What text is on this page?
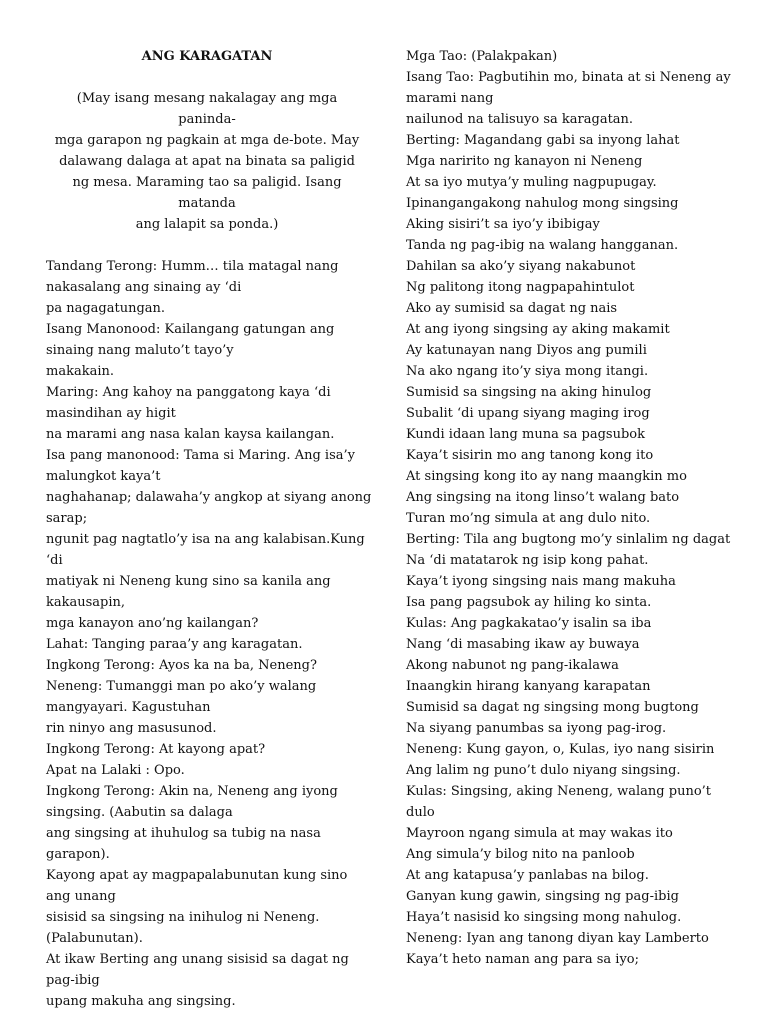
ANG KARAGATAN
(May isang mesang nakalagay ang mga paninda-
mga garapon ng pagkain at mga de-bote. May
dalawang dalaga at apat na binata sa paligid
ng mesa. Maraming tao sa paligid. Isang matanda
ang lalapit sa ponda.)
Tandang Terong: Humm… tila matagal nang
nakasalang ang sinaing ay ‘di
pa nagagatungan.
Isang Manonood: Kailangang gatungan ang
sinaing nang maluto’t tayo’y
makakain.
Maring: Ang kahoy na panggatong kaya ‘di
masindihan ay higit
na marami ang nasa kalan kaysa kailangan.
Isa pang manonood: Tama si Maring. Ang isa’y
malungkot kaya’t
naghahanap; dalawaha’y angkop at siyang anong
sarap;
ngunit pag nagtatlo’y isa na ang kalabisan.Kung
‘di
matiyak ni Neneng kung sino sa kanila ang
kakausapin,
mga kanayon ano’ng kailangan?
Lahat: Tanging paraa’y ang karagatan.
Ingkong Terong: Ayos ka na ba, Neneng?
Neneng: Tumanggi man po ako’y walang
mangyayari. Kagustuhan
rin ninyo ang masusunod.
Ingkong Terong: At kayong apat?
Apat na Lalaki : Opo.
Ingkong Terong: Akin na, Neneng ang iyong
singsing. (Aabutin sa dalaga
ang singsing at ihuhulog sa tubig na nasa
garapon).
Kayong apat ay magpapalabunutan kung sino
ang unang
sisisid sa singsing na inihulog ni Neneng.
(Palabunutan).
At ikaw Berting ang unang sisisid sa dagat ng
pag-ibig
upang makuha ang singsing.
Mga Tao: (Palakpakan)
Isang Tao: Pagbutihin mo, binata at si Neneng ay
marami nang
nailunod na talisuyo sa karagatan.
Berting: Magandang gabi sa inyong lahat
Mga naririto ng kanayon ni Neneng
At sa iyo mutya’y muling nagpupugay.
Ipinangangakong nahulog mong singsing
Aking sisiri’t sa iyo’y ibibigay
Tanda ng pag-ibig na walang hangganan.
Dahilan sa ako’y siyang nakabunot
Ng palitong itong nagpapahintulot
Ako ay sumisid sa dagat ng nais
At ang iyong singsing ay aking makamit
Ay katunayan nang Diyos ang pumili
Na ako ngang ito’y siya mong itangi.
Sumisid sa singsing na aking hinulog
Subalit ‘di upang siyang maging irog
Kundi idaan lang muna sa pagsubok
Kaya’t sisirin mo ang tanong kong ito
At singsing kong ito ay nang maangkin mo
Ang singsing na itong linso’t walang bato
Turan mo’ng simula at ang dulo nito.
Berting: Tila ang bugtong mo’y sinlalim ng dagat
Na ‘di matatarok ng isip kong pahat.
Kaya’t iyong singsing nais mang makuha
Isa pang pagsubok ay hiling ko sinta.
Kulas: Ang pagkakatao’y isalin sa iba
Nang ‘di masabing ikaw ay buwaya
Akong nabunot ng pang-ikalawa
Inaangkin hirang kanyang karapatan
Sumisid sa dagat ng singsing mong bugtong
Na siyang panumbas sa iyong pag-irog.
Neneng: Kung gayon, o, Kulas, iyo nang sisirin
Ang lalim ng puno’t dulo niyang singsing.
Kulas: Singsing, aking Neneng, walang puno’t
dulo
Mayroon ngang simula at may wakas ito
Ang simula’y bilog nito na panloob
At ang katapusa’y panlabas na bilog.
Ganyan kung gawin, singsing ng pag-ibig
Haya’t nasisid ko singsing mong nahulog.
Neneng: Iyan ang tanong diyan kay Lamberto
Kaya’t heto naman ang para sa iyo;
